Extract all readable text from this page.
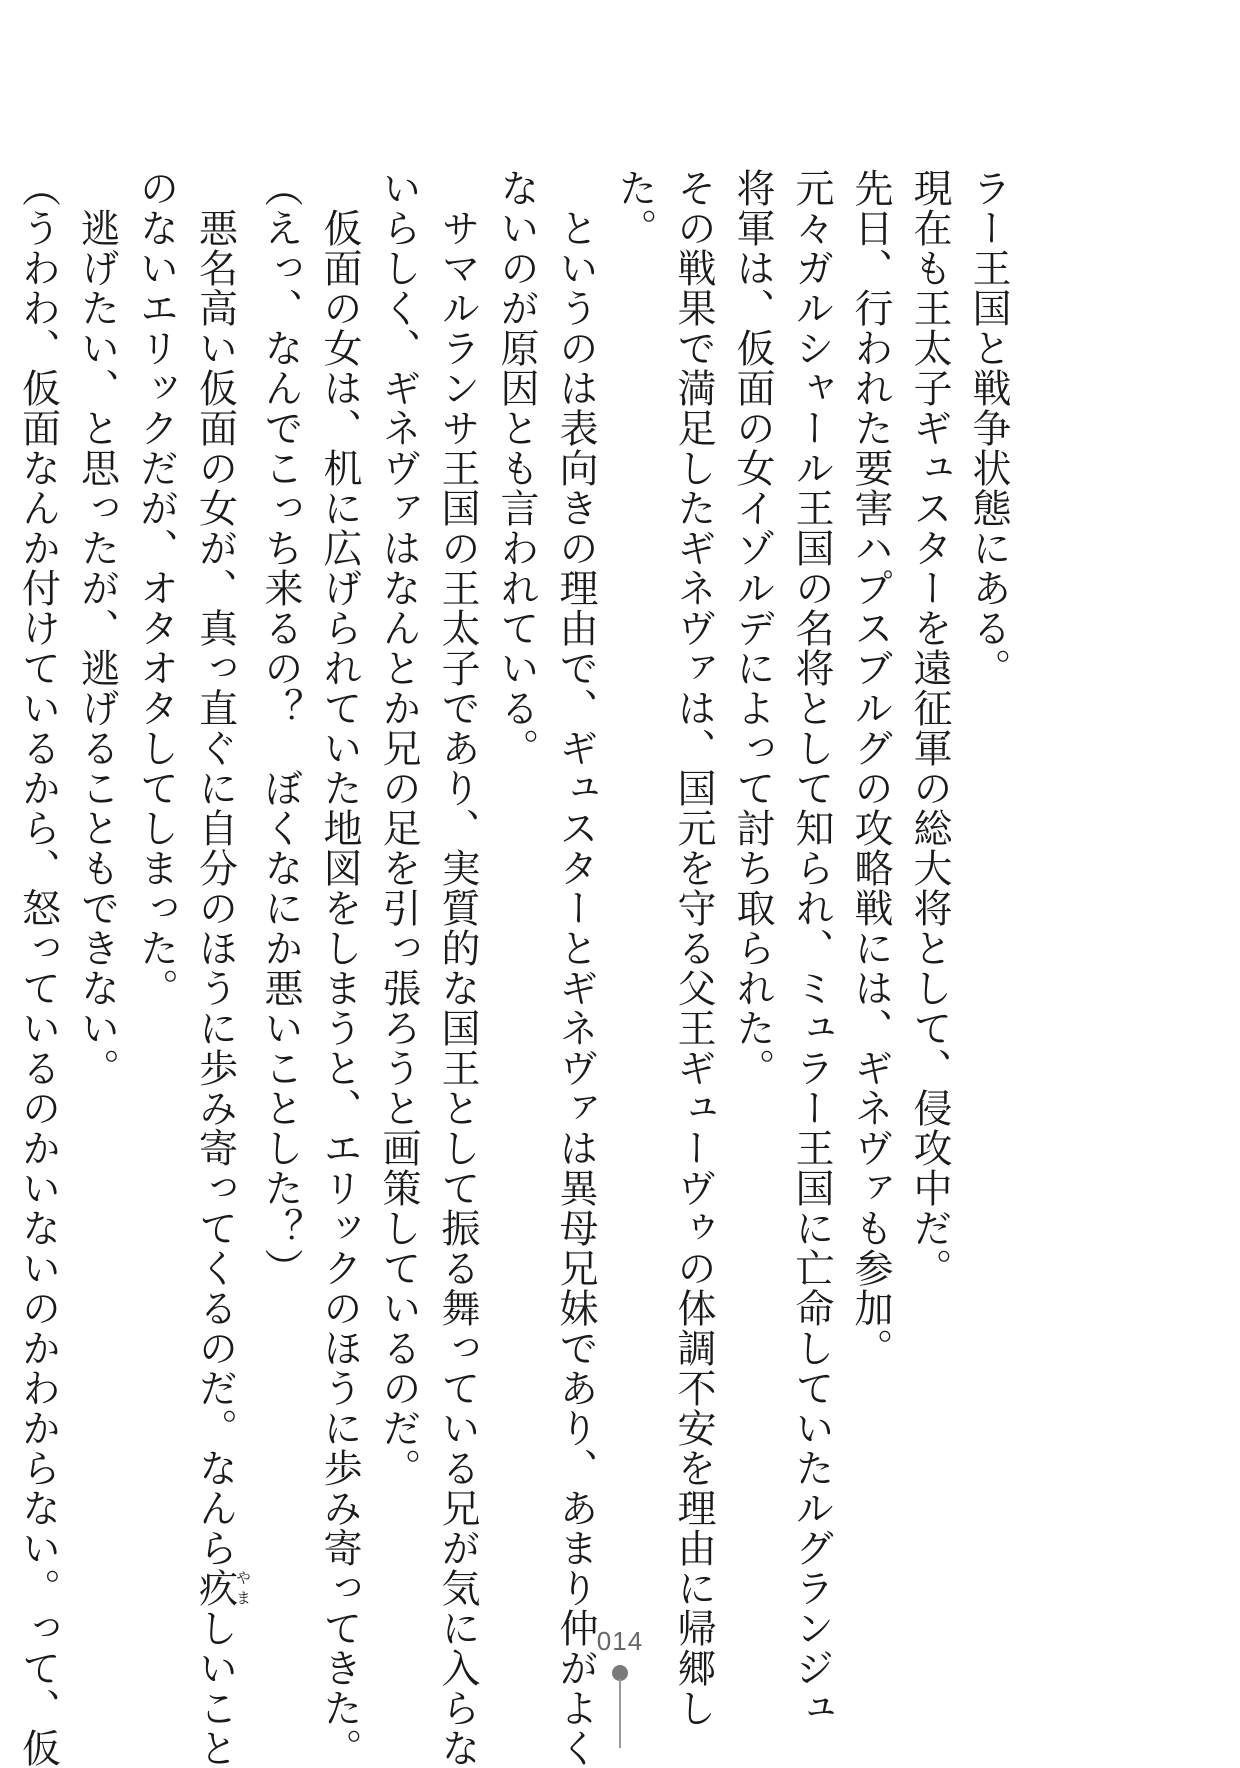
ラー王国と戦争状態にある。
現在も王太子ギュスターを遠征軍の総大将として、侵攻中だ。
先日、行われた要害ハプスブルグの攻略戦には、ギネヴァも参加。
元々ガルシャール王国の名将として知られ、ミュラー王国に亡命していたルグランジュ
将軍は、仮面の女イゾルデによって討ち取られた。
その戦果で満足したギネヴァは、国元を守る父王ギューヴゥの体調不安を理由に帰郷し
た。
　というのは表向きの理由で、ギュスターとギネヴァは異母兄妹であり、あまり仲がよく
ないのが原因とも言われている。
　サマルランサ王国の王太子であり、実質的な国王として振る舞っている兄が気に入らな
いらしく、ギネヴァはなんとか兄の足を引っ張ろうと画策しているのだ。
　仮面の女は、机に広げられていた地図をしまうと、エリックのほうに歩み寄ってきた。
（えっ、なんでこっち来るの？　ぼくなにか悪いことした？）
　悪名高い仮面の女が、真っ直ぐに自分のほうに歩み寄ってくるのだ。なんら疚やましいこと
のないエリックだが、オタオタしてしまった。
　逃げたい、と思ったが、逃げることもできない。
（うわわ、仮面なんか付けているから、怒っているのかいないのかわからない。って、仮	014
